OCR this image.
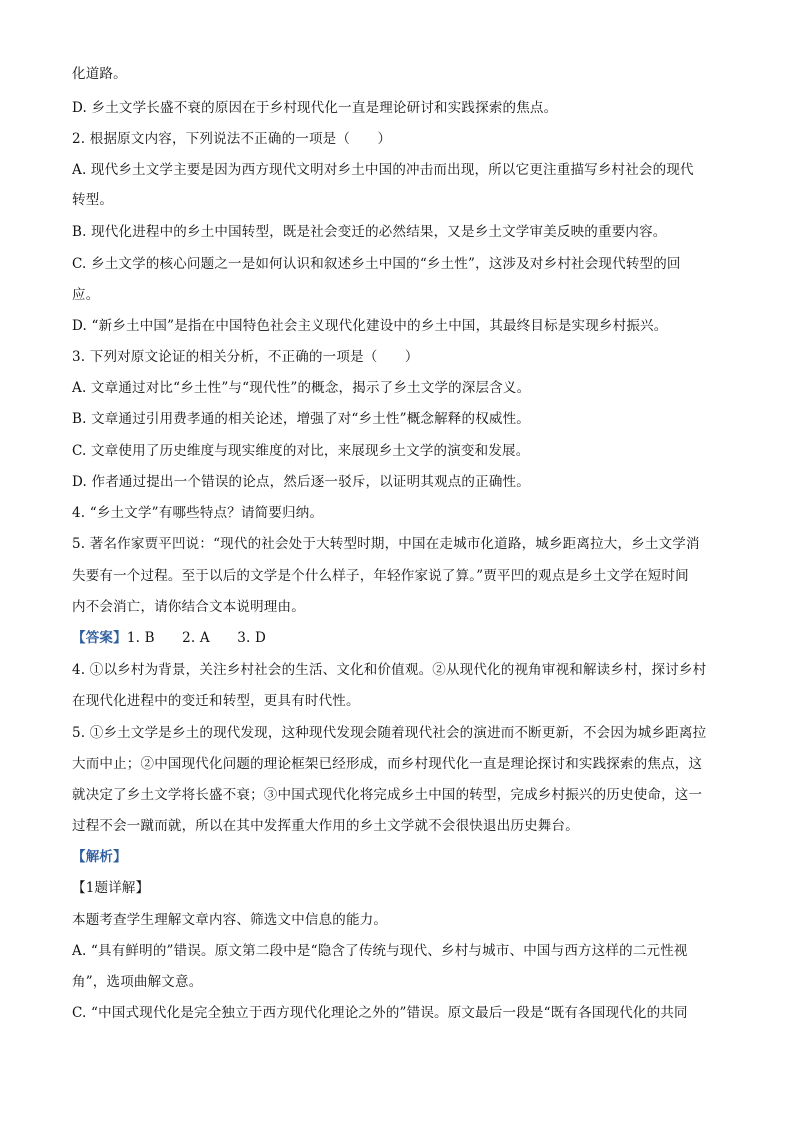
化道路。
D. 乡土文学长盛不衰的原因在于乡村现代化一直是理论研讨和实践探索的焦点。
2. 根据原文内容，下列说法不正确的一项是（　　）
A. 现代乡土文学主要是因为西方现代文明对乡土中国的冲击而出现，所以它更注重描写乡村社会的现代
转型。
B. 现代化进程中的乡土中国转型，既是社会变迁的必然结果，又是乡土文学审美反映的重要内容。
C. 乡土文学的核心问题之一是如何认识和叙述乡土中国的“乡土性”，这涉及对乡村社会现代转型的回
应。
D. “新乡土中国”是指在中国特色社会主义现代化建设中的乡土中国，其最终目标是实现乡村振兴。
3. 下列对原文论证的相关分析，不正确的一项是（　　）
A. 文章通过对比“乡土性”与“现代性”的概念，揭示了乡土文学的深层含义。
B. 文章通过引用费孝通的相关论述，增强了对“乡土性”概念解释的权威性。
C. 文章使用了历史维度与现实维度的对比，来展现乡土文学的演变和发展。
D. 作者通过提出一个错误的论点，然后逐一驳斥，以证明其观点的正确性。
4. “乡土文学”有哪些特点？请简要归纳。
5. 著名作家贾平凹说：“现代的社会处于大转型时期，中国在走城市化道路，城乡距离拉大，乡土文学消
失要有一个过程。至于以后的文学是个什么样子，年轻作家说了算。”贾平凹的观点是乡土文学在短时间
内不会消亡，请你结合文本说明理由。
【答案】1. B　　2. A　　3. D
4. ①以乡村为背景，关注乡村社会的生活、文化和价值观。②从现代化的视角审视和解读乡村，探讨乡村
在现代化进程中的变迁和转型，更具有时代性。
5. ①乡土文学是乡土的现代发现，这种现代发现会随着现代社会的演进而不断更新，不会因为城乡距离拉
大而中止；②中国现代化问题的理论框架已经形成，而乡村现代化一直是理论探讨和实践探索的焦点，这
就决定了乡土文学将长盛不衰；③中国式现代化将完成乡土中国的转型，完成乡村振兴的历史使命，这一
过程不会一蹴而就，所以在其中发挥重大作用的乡土文学就不会很快退出历史舞台。
【解析】
【1题详解】
本题考查学生理解文章内容、筛选文中信息的能力。
A. “具有鲜明的”错误。原文第二段中是“隐含了传统与现代、乡村与城市、中国与西方这样的二元性视
角”，选项曲解文意。
C. “中国式现代化是完全独立于西方现代化理论之外的”错误。原文最后一段是“既有各国现代化的共同
